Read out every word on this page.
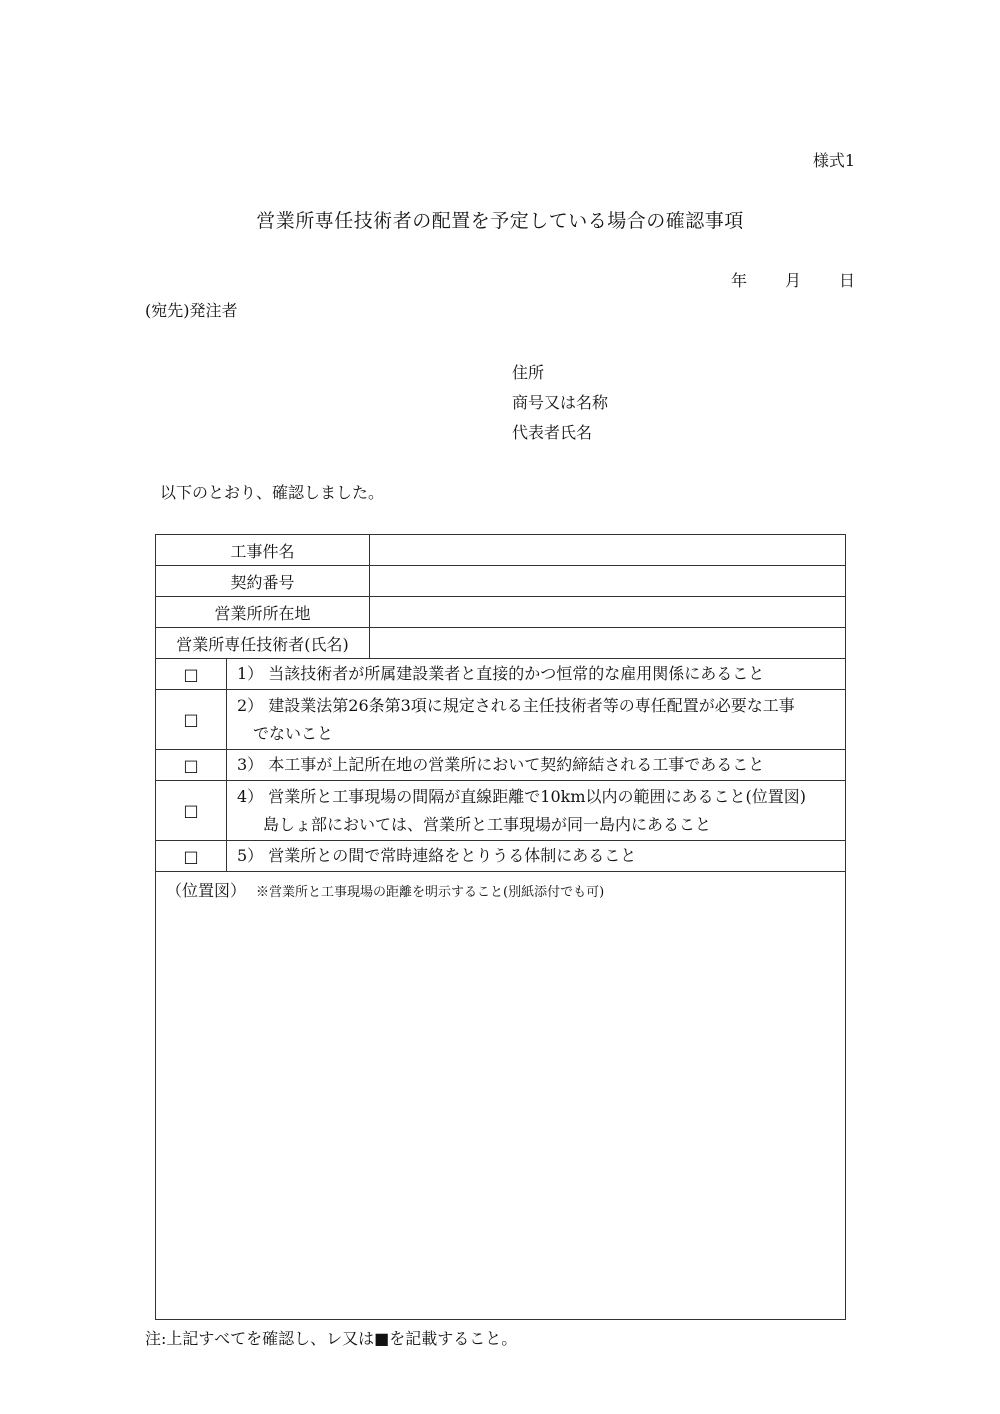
様式1
営業所専任技術者の配置を予定している場合の確認事項
年	月	日
(宛先)発注者
住所
商号又は名称
代表者氏名
以下のとおり、確認しました。
工事件名		
契約番号		
営業所所在地		
営業所専任技術者(氏名)		
□	1） 当該技術者が所属建設業者と直接的かつ恒常的な雇用関係にあること	

□	2） 建設業法第26条第3項に規定される主任技術者等の専任配置が必要な工事
でないこと	

□	3） 本工事が上記所在地の営業所において契約締結される工事であること	

□	4） 営業所と工事現場の間隔が直線距離で10km以内の範囲にあること(位置図)
島しょ部においては、営業所と工事現場が同一島内にあること	

□	5） 営業所との間で常時連絡をとりうる体制にあること	

（位置図） ※営業所と工事現場の距離を明示すること(別紙添付でも可)		
注:上記すべてを確認し、レ又は■を記載すること。
